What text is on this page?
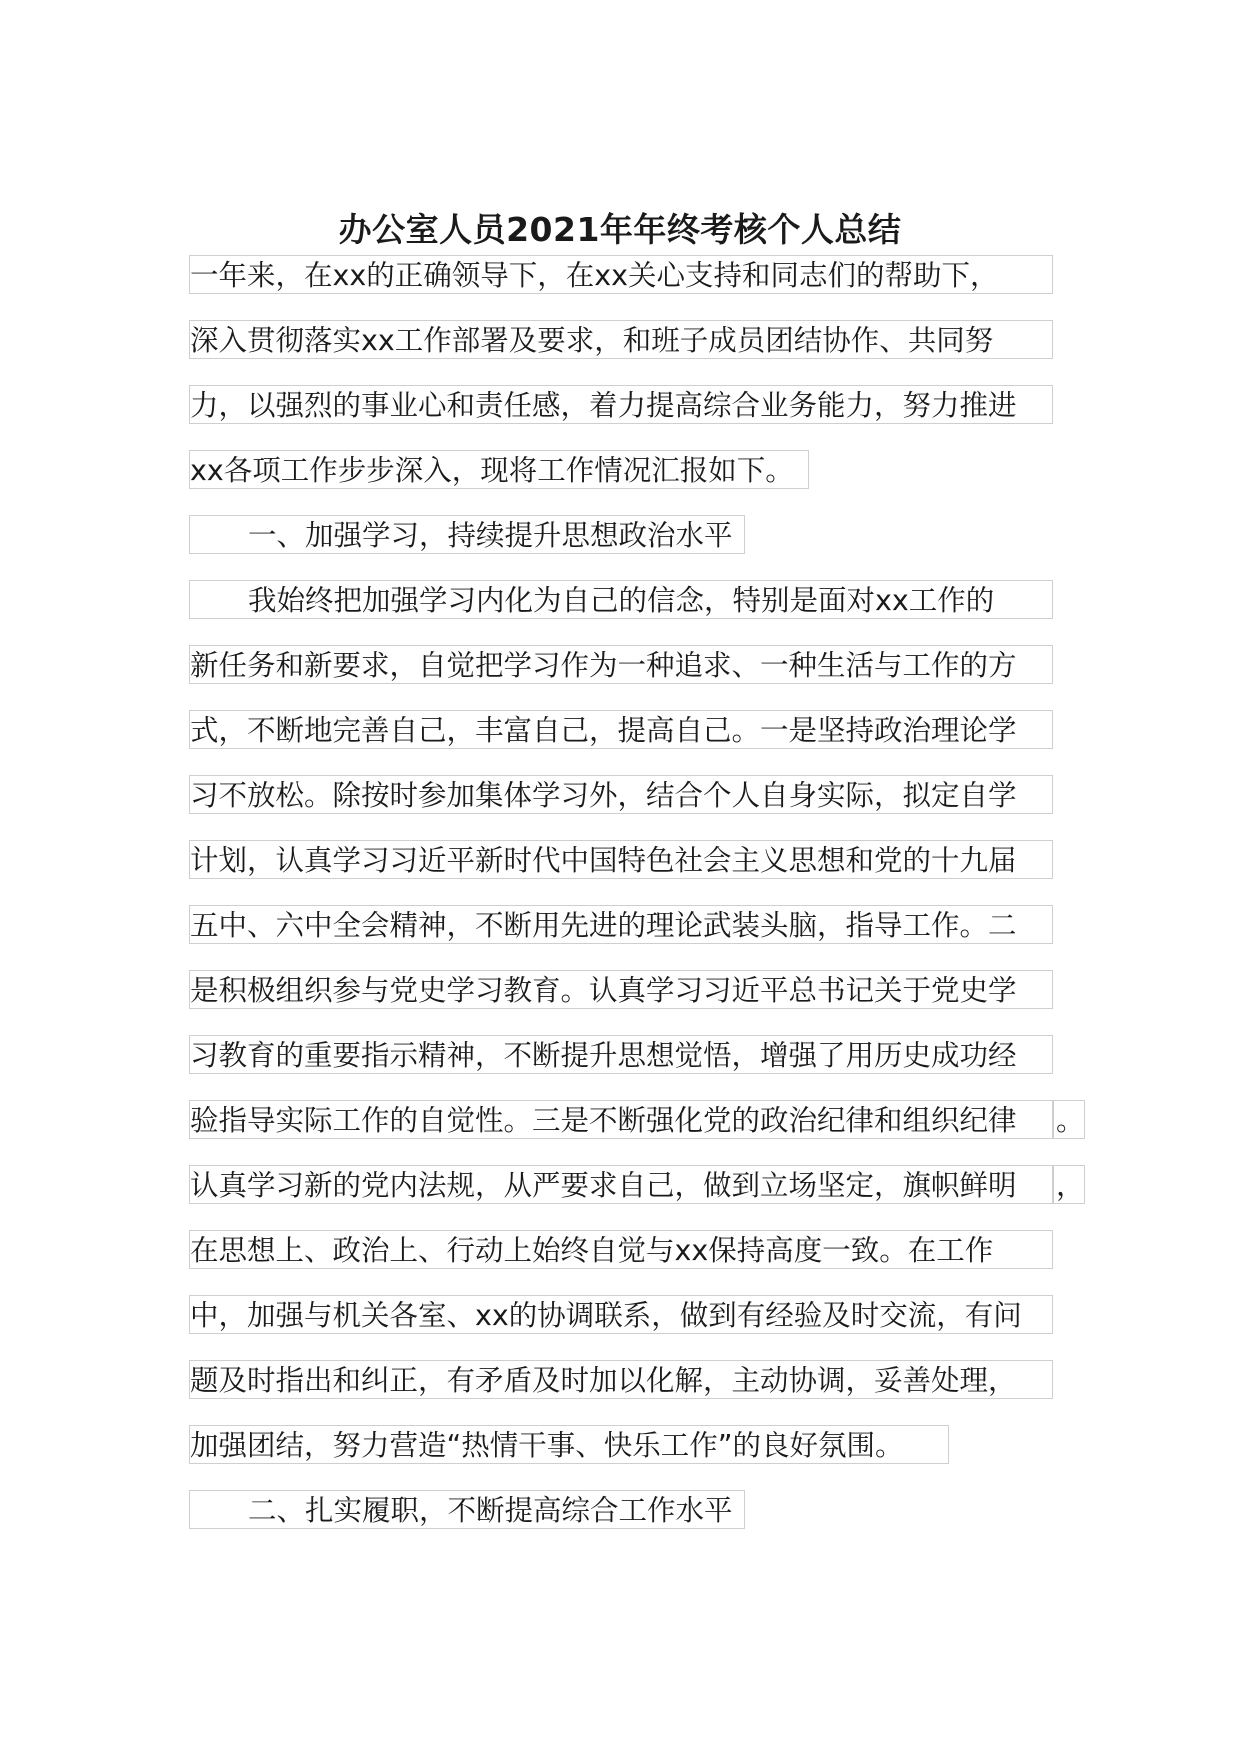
办公室人员2021年年终考核个人总结
一年来，在xx的正确领导下，在xx关心支持和同志们的帮助下，
深入贯彻落实xx工作部署及要求，和班子成员团结协作、共同努
力，以强烈的事业心和责任感，着力提高综合业务能力，努力推进
xx各项工作步步深入，现将工作情况汇报如下。
一、加强学习，持续提升思想政治水平
我始终把加强学习内化为自己的信念，特别是面对xx工作的
新任务和新要求，自觉把学习作为一种追求、一种生活与工作的方
式，不断地完善自己，丰富自己，提高自己。一是坚持政治理论学
习不放松。除按时参加集体学习外，结合个人自身实际，拟定自学
计划，认真学习习近平新时代中国特色社会主义思想和党的十九届
五中、六中全会精神，不断用先进的理论武装头脑，指导工作。二
是积极组织参与党史学习教育。认真学习习近平总书记关于党史学
习教育的重要指示精神，不断提升思想觉悟，增强了用历史成功经
验指导实际工作的自觉性。三是不断强化党的政治纪律和组织纪律	。
认真学习新的党内法规，从严要求自己，做到立场坚定，旗帜鲜明	，
在思想上、政治上、行动上始终自觉与xx保持高度一致。在工作
中，加强与机关各室、xx的协调联系，做到有经验及时交流，有问
题及时指出和纠正，有矛盾及时加以化解，主动协调，妥善处理，
加强团结，努力营造“热情干事、快乐工作”的良好氛围。
二、扎实履职，不断提高综合工作水平
